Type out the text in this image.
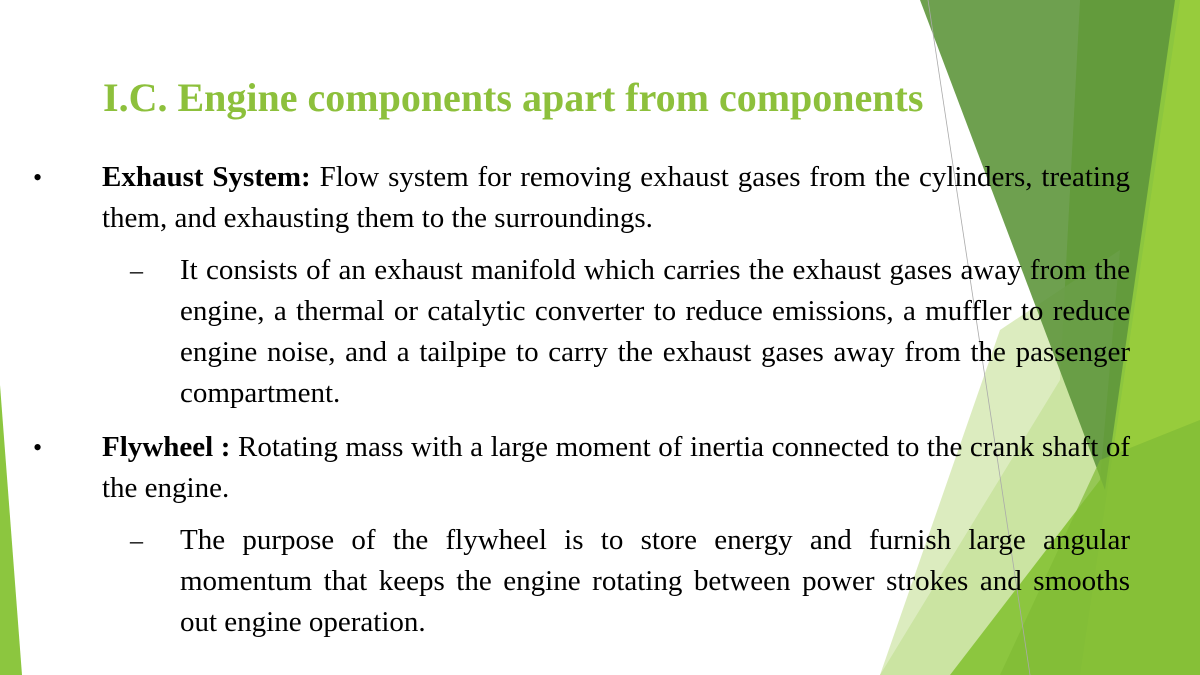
I.C. Engine components apart from components
• Exhaust System: Flow system for removing exhaust gases from the cylinders, treating them, and exhausting them to the surroundings.
– It consists of an exhaust manifold which carries the exhaust gases away from the engine, a thermal or catalytic converter to reduce emissions, a muffler to reduce engine noise, and a tailpipe to carry the exhaust gases away from the passenger compartment.
• Flywheel : Rotating mass with a large moment of inertia connected to the crank shaft of the engine.
– The purpose of the flywheel is to store energy and furnish large angular momentum that keeps the engine rotating between power strokes and smooths out engine operation.
